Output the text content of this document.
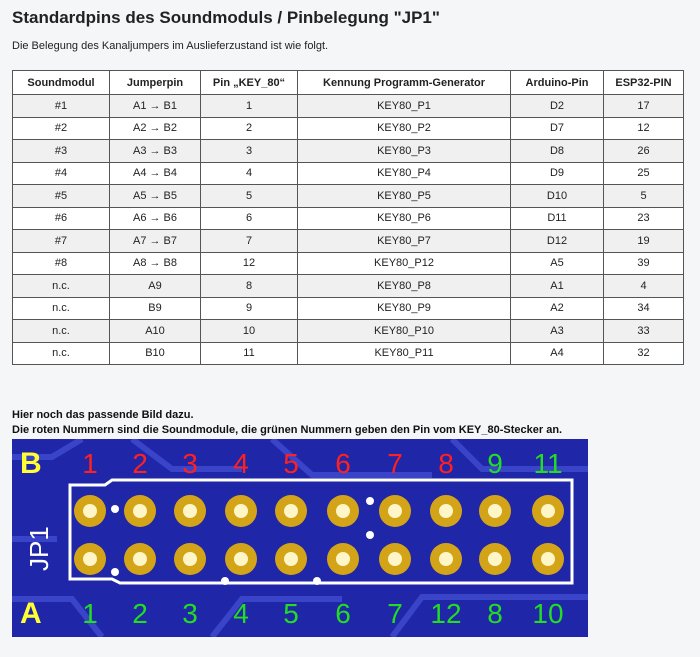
Standardpins des Soundmoduls / Pinbelegung "JP1"
Die Belegung des Kanaljumpers im Auslieferzustand ist wie folgt.
Soundmodul	Jumperpin	Pin „KEY_80“	Kennung Programm-Generator	Arduino-Pin	ESP32-PIN
#1	A1 → B1	1	KEY80_P1	D2	17
#2	A2 → B2	2	KEY80_P2	D7	12
#3	A3 → B3	3	KEY80_P3	D8	26
#4	A4 → B4	4	KEY80_P4	D9	25
#5	A5 → B5	5	KEY80_P5	D10	5
#6	A6 → B6	6	KEY80_P6	D11	23
#7	A7 → B7	7	KEY80_P7	D12	19
#8	A8 → B8	12	KEY80_P12	A5	39
n.c.	A9	8	KEY80_P8	A1	4
n.c.	B9	9	KEY80_P9	A2	34
n.c.	A10	10	KEY80_P10	A3	33
n.c.	B10	11	KEY80_P11	A4	32
Hier noch das passende Bild dazu.
Die roten Nummern sind die Soundmodule, die grünen Nummern geben den Pin vom KEY_80-Stecker an.
B
A
JP1
1 2 3 4 5 6 7 8 9 11
1 2 3 4 5 6 7 12 8 10
